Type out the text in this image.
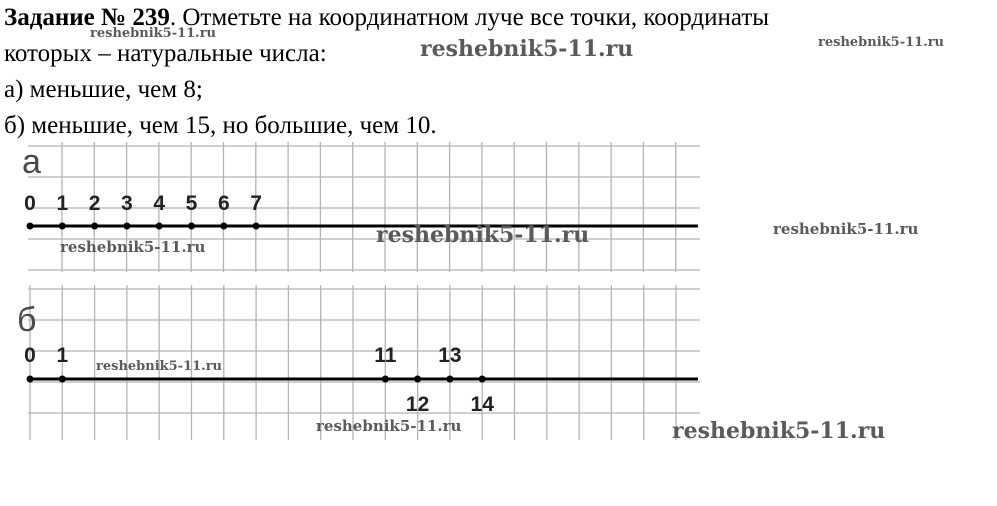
Задание № 239. Отметьте на координатном луче все точки, координаты

которых – натуральные числа:

а) меньшие, чем 8;

б) меньшие, чем 15, но большие, чем 10.

а
б
0 1 2 3 4 5 6 7
0 1	11
12
13
14
reshebnik5-11.ru
reshebnik5-11.ru	reshebnik5-11.ru
reshebnik5-11.ru	reshebnik5-11.ru	reshebnik5-11.ru
reshebnik5-11.ru
reshebnik5-11.ru	reshebnik5-11.ru
